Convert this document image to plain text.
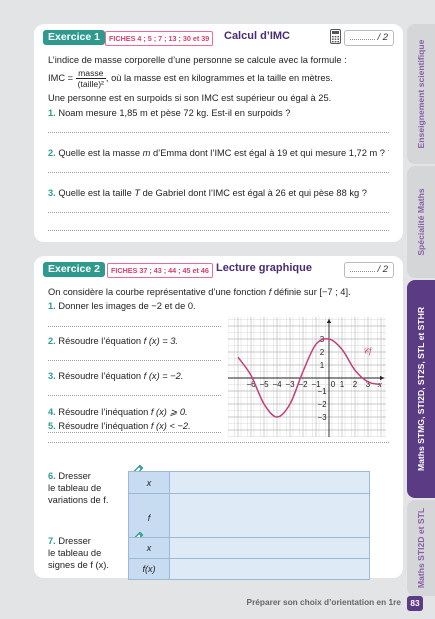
Enseignement scientifique
Spécialité Maths
Maths STMG, STI2D, ST2S, STL et STHR
Maths STI2D et STL
Exercice 1	FICHES 4 ; 5 ; 7 ; 13 ; 30 et 39	Calcul d’IMC	/ 2
L’indice de masse corporelle d’une personne se calcule avec la formule :
IMC = $\frac{\text{masse}}{\text{(taille)²}}$ , où la masse est en kilogrammes et la taille en mètres.
Une personne est en surpoids si son IMC est supérieur ou égal à 25.
1. Noam mesure 1,85 m et pèse 72 kg. Est-il en surpoids ?
2. Quelle est la masse m d’Emma dont l’IMC est égal à 19 et qui mesure 1,72 m ?
3. Quelle est la taille T de Gabriel dont l’IMC est égal à 26 et qui pèse 88 kg ?
Exercice 2	FICHES 37 ; 43 ; 44 ; 45 et 46 Lecture graphique	/ 2
On considère la courbe représentative d’une fonction f définie sur [−7 ; 4].
1. Donner les images de −2 et de 0.
2. Résoudre l’équation f (x) = 3.
3. Résoudre l’équation f (x) = −2.
4. Résoudre l’inéquation f (x) ⩾ 0.
5. Résoudre l’inéquation f (x) < −2.
6. Dresser
le tableau de
variations de f.
7. Dresser
le tableau de
signes de f (x).
x	
f	
x	
f(x)	
−6 −5 −4 −3 −2 −1 0 1 2 3
3
2
1
−1
−2
−3
x
𝒞f
Préparer son choix d’orientation en 1re	83
